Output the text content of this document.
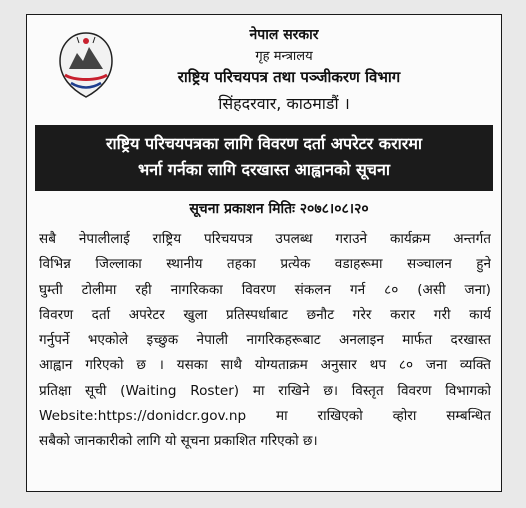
नेपाल सरकार
गृह मन्त्रालय
राष्ट्रिय परिचयपत्र तथा पञ्जीकरण विभाग
सिंहदरवार, काठमाडौं ।
राष्ट्रिय परिचयपत्रका लागि विवरण दर्ता अपरेटर करारमा
भर्ना गर्नका लागि दरखास्त आह्वानको सूचना
सूचना प्रकाशन मितिः २०७८।०८।२०
सबै नेपालीलाई राष्ट्रिय परिचयपत्र उपलब्ध गराउने कार्यक्रम अन्तर्गत
विभिन्न जिल्लाका स्थानीय तहका प्रत्येक वडाहरूमा सञ्चालन हुने
घुम्ती टोलीमा रही नागरिकका विवरण संकलन गर्न ८० (असी जना)
विवरण दर्ता अपरेटर खुला प्रतिस्पर्धाबाट छनौट गरेर करार गरी कार्य
गर्नुपर्ने भएकोले इच्छुक नेपाली नागरिकहरूबाट अनलाइन मार्फत दरखास्त
आह्वान गरिएको छ । यसका साथै योग्यताक्रम अनुसार थप ८० जना व्यक्ति
प्रतिक्षा सूची (Waiting Roster) मा राखिने छ। विस्तृत विवरण विभागको
Website:https://donidcr.gov.np मा राखिएको व्होरा सम्बन्धित
सबैको जानकारीको लागि यो सूचना प्रकाशित गरिएको छ।
